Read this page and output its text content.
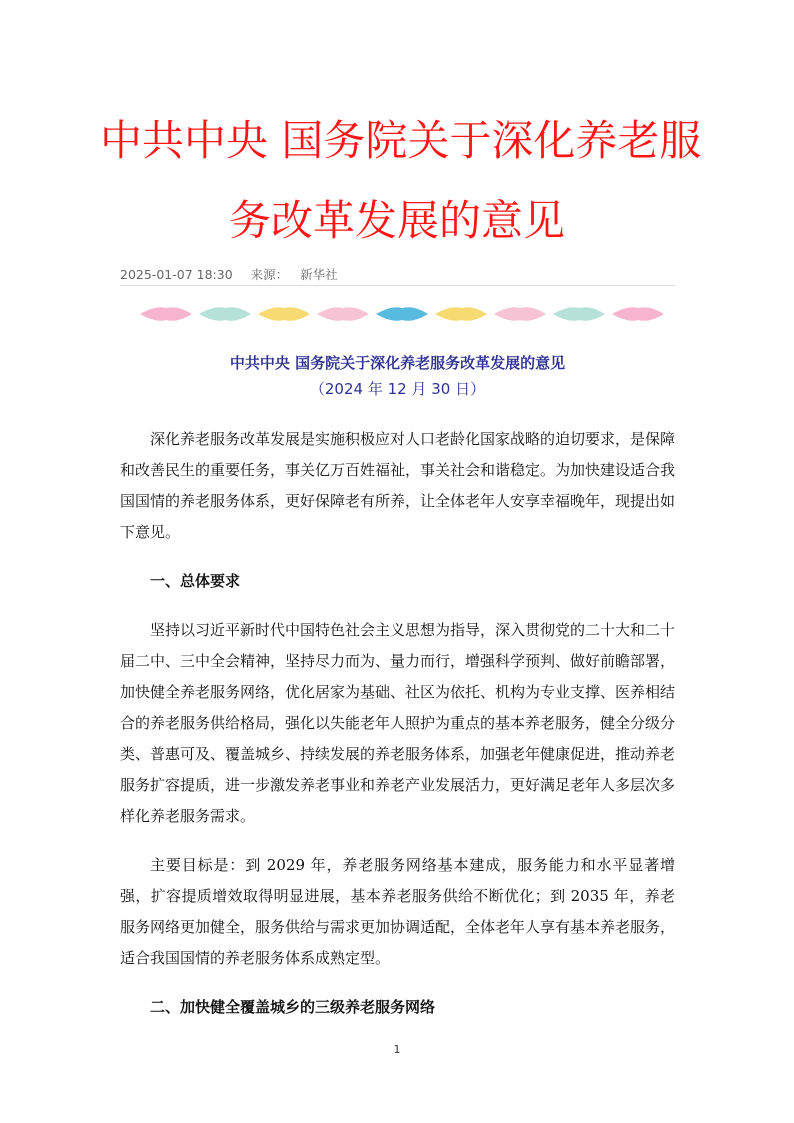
中共中央 国务院关于深化养老服
务改革发展的意见
2025-01-07 18:30 来源： 新华社
中共中央 国务院关于深化养老服务改革发展的意见
（2024 年 12 月 30 日）

深化养老服务改革发展是实施积极应对人口老龄化国家战略的迫切要求，是保障和改善民生的重要任务，事关亿万百姓福祉，事关社会和谐稳定。为加快建设适合我国国情的养老服务体系，更好保障老有所养，让全体老年人安享幸福晚年，现提出如下意见。

一、总体要求

坚持以习近平新时代中国特色社会主义思想为指导，深入贯彻党的二十大和二十届二中、三中全会精神，坚持尽力而为、量力而行，增强科学预判、做好前瞻部署，加快健全养老服务网络，优化居家为基础、社区为依托、机构为专业支撑、医养相结合的养老服务供给格局，强化以失能老年人照护为重点的基本养老服务，健全分级分类、普惠可及、覆盖城乡、持续发展的养老服务体系，加强老年健康促进，推动养老服务扩容提质，进一步激发养老事业和养老产业发展活力，更好满足老年人多层次多样化养老服务需求。

主要目标是：到 2029 年，养老服务网络基本建成，服务能力和水平显著增强，扩容提质增效取得明显进展，基本养老服务供给不断优化；到 2035 年，养老服务网络更加健全，服务供给与需求更加协调适配，全体老年人享有基本养老服务，适合我国国情的养老服务体系成熟定型。

二、加快健全覆盖城乡的三级养老服务网络

1
